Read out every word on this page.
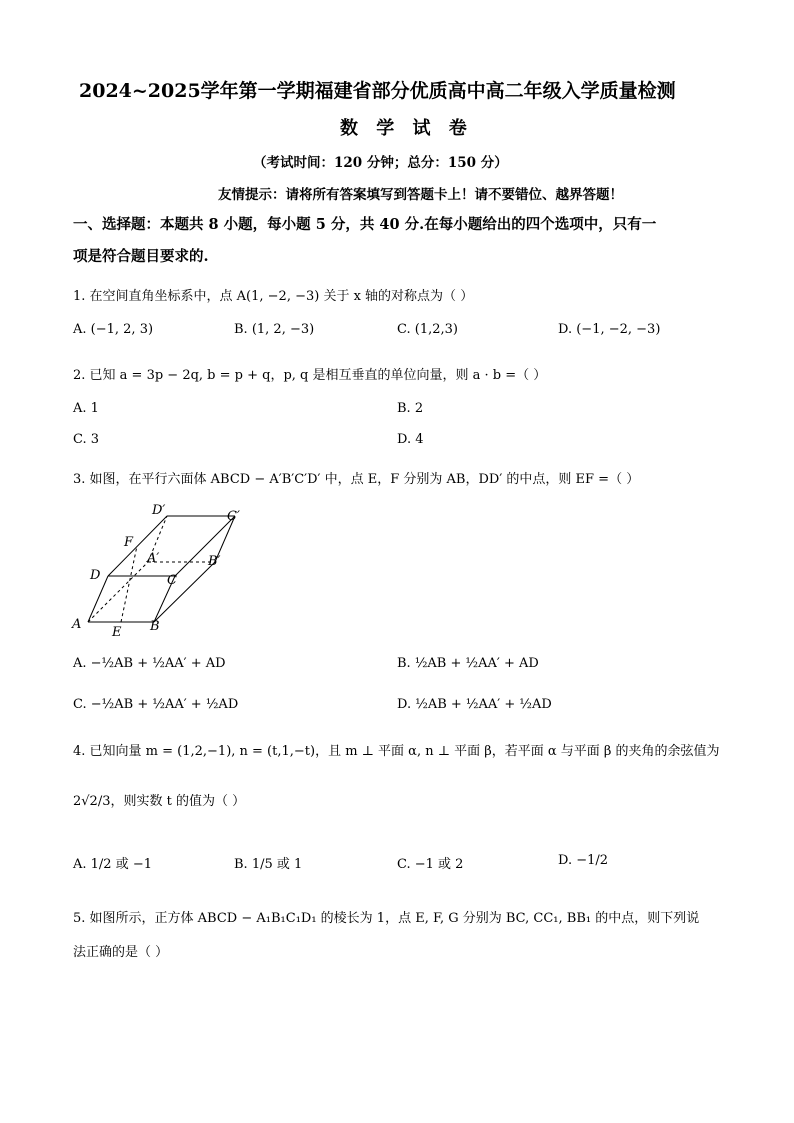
2024~2025学年第一学期福建省部分优质高中高二年级入学质量检测
数 学 试 卷
（考试时间：120 分钟；总分：150 分）
友情提示：请将所有答案填写到答题卡上！请不要错位、越界答题！
一、选择题：本题共 8 小题，每小题 5 分，共 40 分.在每小题给出的四个选项中，只有一
项是符合题目要求的.
1. 在空间直角坐标系中，点 A(1, −2, −3) 关于 x 轴的对称点为（ ）
A. (−1, 2, 3)	B. (1, 2, −3)	C. (1,2,3)	D. (−1, −2, −3)
2. 已知 a = 3p − 2q, b = p + q，p, q 是相互垂直的单位向量，则 a · b =（ ）
A. 1	B. 2
C. 3	D. 4
3. 如图，在平行六面体 ABCD − A′B′C′D′ 中，点 E，F 分别为 AB，DD′ 的中点，则 EF =（ ）
D′	C′
F
A′	B′
D	C
A
E B
A. −½AB + ½AA′ + AD	B. ½AB + ½AA′ + AD
C. −½AB + ½AA′ + ½AD	D. ½AB + ½AA′ + ½AD
4. 已知向量 m = (1,2,−1), n = (t,1,−t)，且 m ⊥ 平面 α, n ⊥ 平面 β，若平面 α 与平面 β 的夹角的余弦值为
2√2/3，则实数 t 的值为（ ）
A. 1/2 或 −1	B. 1/5 或 1	C. −1 或 2	D. −1/2
5. 如图所示，正方体 ABCD − A₁B₁C₁D₁ 的棱长为 1，点 E, F, G 分别为 BC, CC₁, BB₁ 的中点，则下列说
法正确的是（ ）
